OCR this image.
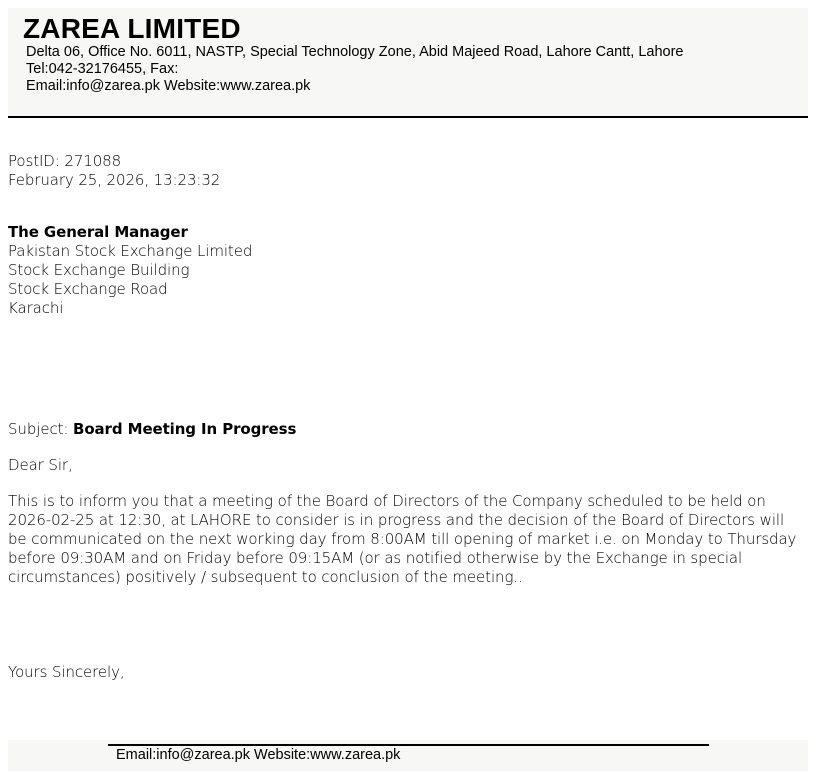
ZAREA LIMITED
Delta 06, Office No. 6011, NASTP, Special Technology Zone, Abid Majeed Road, Lahore Cantt, Lahore
Tel:042-32176455, Fax:
Email:info@zarea.pk Website:www.zarea.pk
PostID: 271088
February 25, 2026, 13:23:32
The General Manager
Pakistan Stock Exchange Limited
Stock Exchange Building
Stock Exchange Road
Karachi
Subject: Board Meeting In Progress
Dear Sir,
This is to inform you that a meeting of the Board of Directors of the Company scheduled to be held on 2026-02-25 at 12:30, at LAHORE to consider is in progress and the decision of the Board of Directors will be communicated on the next working day from 8:00AM till opening of market i.e. on Monday to Thursday before 09:30AM and on Friday before 09:15AM (or as notified otherwise by the Exchange in special circumstances) positively / subsequent to conclusion of the meeting..
Yours Sincerely,
Email:info@zarea.pk Website:www.zarea.pk
